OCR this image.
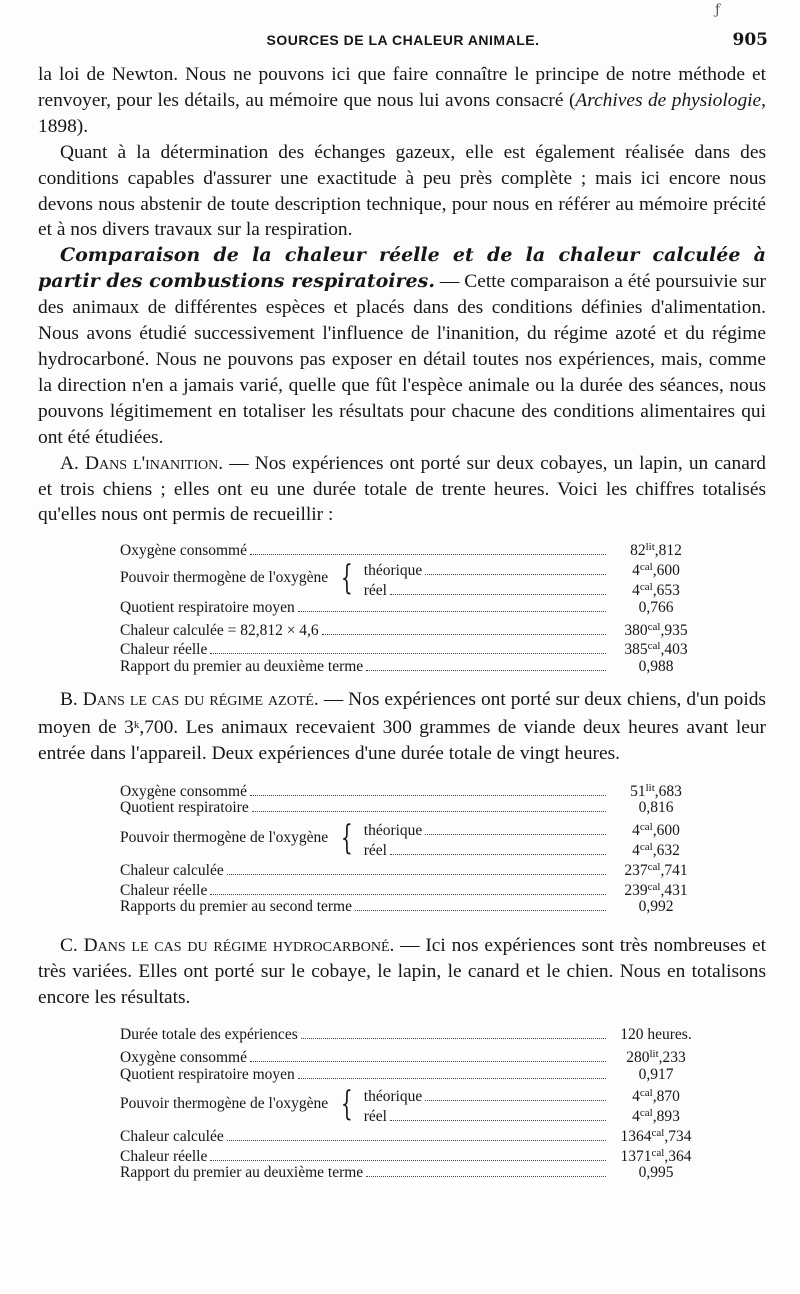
ƒ
SOURCES DE LA CHALEUR ANIMALE.	905

la loi de Newton. Nous ne pouvons ici que faire connaître le principe de notre méthode et renvoyer, pour les détails, au mémoire que nous lui avons consacré (Archives de physiologie, 1898).

Quant à la détermination des échanges gazeux, elle est également réalisée dans des conditions capables d'assurer une exactitude à peu près complète ; mais ici encore nous devons nous abstenir de toute description technique, pour nous en référer au mémoire précité et à nos divers travaux sur la respiration.

Comparaison de la chaleur réelle et de la chaleur calculée à partir des combustions respiratoires. — Cette comparaison a été poursuivie sur des animaux de différentes espèces et placés dans des conditions définies d'alimentation. Nous avons étudié successivement l'influence de l'inanition, du régime azoté et du régime hydrocarboné. Nous ne pouvons pas exposer en détail toutes nos expériences, mais, comme la direction n'en a jamais varié, quelle que fût l'espèce animale ou la durée des séances, nous pouvons légitimement en totaliser les résultats pour chacune des conditions alimentaires qui ont été étudiées.

A. Dans l'inanition. — Nos expériences ont porté sur deux cobayes, un lapin, un canard et trois chiens ; elles ont eu une durée totale de trente heures. Voici les chiffres totalisés qu'elles nous ont permis de recueillir :

Oxygène consommé	$82^{lit},812$
Pouvoir thermogène de l'oxygène { théorique	$4^{cal},600$
réel	$4^{cal},653$
Quotient respiratoire moyen	0,766
Chaleur calculée = 82,812 × 4,6	$380^{cal},935$
Chaleur réelle	$385^{cal},403$
Rapport du premier au deuxième terme	0,988

B. Dans le cas du régime azoté. — Nos expériences ont porté sur deux chiens, d'un poids moyen de 3$^k$,700. Les animaux recevaient 300 grammes de viande deux heures avant leur entrée dans l'appareil. Deux expériences d'une durée totale de vingt heures.

Oxygène consommé	$51^{lit},683$
Quotient respiratoire	0,816
Pouvoir thermogène de l'oxygène { théorique	$4^{cal},600$
réel	$4^{cal},632$
Chaleur calculée	$237^{cal},741$
Chaleur réelle	$239^{cal},431$
Rapports du premier au second terme	0,992

C. Dans le cas du régime hydrocarboné. — Ici nos expériences sont très nombreuses et très variées. Elles ont porté sur le cobaye, le lapin, le canard et le chien. Nous en totalisons encore les résultats.

Durée totale des expériences	120 heures.
Oxygène consommé	$280^{lit},233$
Quotient respiratoire moyen	0,917
Pouvoir thermogène de l'oxygène { théorique	$4^{cal},870$
réel	$4^{cal},893$
Chaleur calculée	$1364^{cal},734$
Chaleur réelle	$1371^{cal},364$
Rapport du premier au deuxième terme	0,995
